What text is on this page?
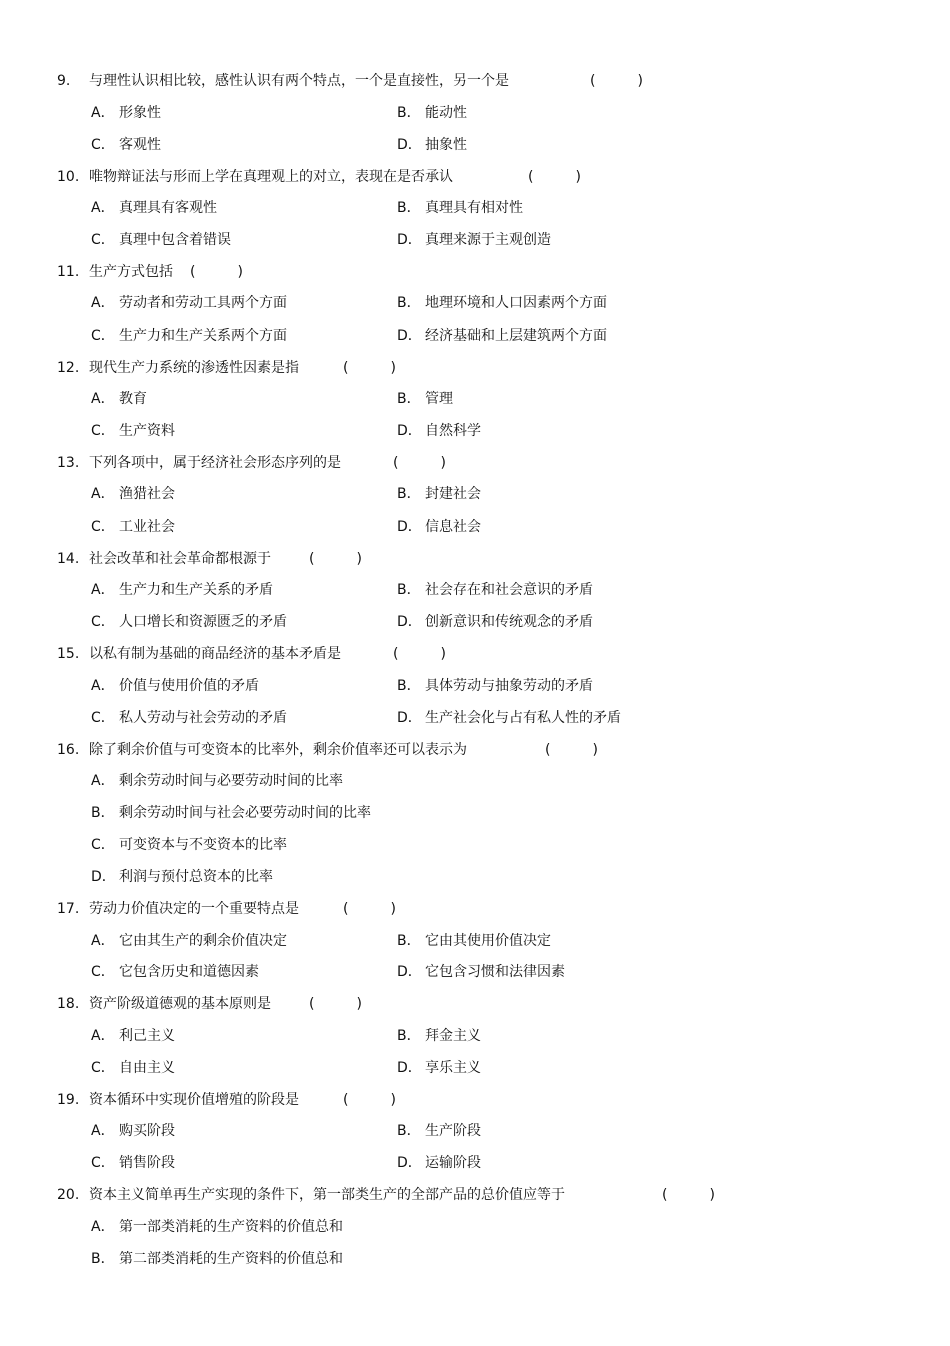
9. 与理性认识相比较，感性认识有两个特点，一个是直接性，另一个是	(　　　)
A． 形象性	B． 能动性
C． 客观性	D． 抽象性
10. 唯物辩证法与形而上学在真理观上的对立，表现在是否承认	(　　　)
A． 真理具有客观性	B． 真理具有相对性
C． 真理中包含着错误	D． 真理来源于主观创造
11. 生产方式包括 (　　　)
A． 劳动者和劳动工具两个方面	B． 地理环境和人口因素两个方面
C． 生产力和生产关系两个方面	D． 经济基础和上层建筑两个方面
12. 现代生产力系统的渗透性因素是指	(　　　)
A． 教育	B． 管理
C． 生产资料	D． 自然科学
13. 下列各项中，属于经济社会形态序列的是	(　　　)
A． 渔猎社会	B． 封建社会
C． 工业社会	D． 信息社会
14. 社会改革和社会革命都根源于	(　　　)
A． 生产力和生产关系的矛盾	B． 社会存在和社会意识的矛盾
C． 人口增长和资源匮乏的矛盾	D． 创新意识和传统观念的矛盾
15. 以私有制为基础的商品经济的基本矛盾是	(　　　)
A． 价值与使用价值的矛盾	B． 具体劳动与抽象劳动的矛盾
C． 私人劳动与社会劳动的矛盾	D． 生产社会化与占有私人性的矛盾
16. 除了剩余价值与可变资本的比率外，剩余价值率还可以表示为	(　　　)
A． 剩余劳动时间与必要劳动时间的比率
B． 剩余劳动时间与社会必要劳动时间的比率
C． 可变资本与不变资本的比率
D． 利润与预付总资本的比率
17. 劳动力价值决定的一个重要特点是	(　　　)
A． 它由其生产的剩余价值决定	B． 它由其使用价值决定
C． 它包含历史和道德因素	D． 它包含习惯和法律因素
18. 资产阶级道德观的基本原则是	(　　　)
A． 利己主义	B． 拜金主义
C． 自由主义	D． 享乐主义
19. 资本循环中实现价值增殖的阶段是	(　　　)
A． 购买阶段	B． 生产阶段
C． 销售阶段	D． 运输阶段
20. 资本主义简单再生产实现的条件下，第一部类生产的全部产品的总价值应等于	(　　　)
A． 第一部类消耗的生产资料的价值总和
B． 第二部类消耗的生产资料的价值总和
